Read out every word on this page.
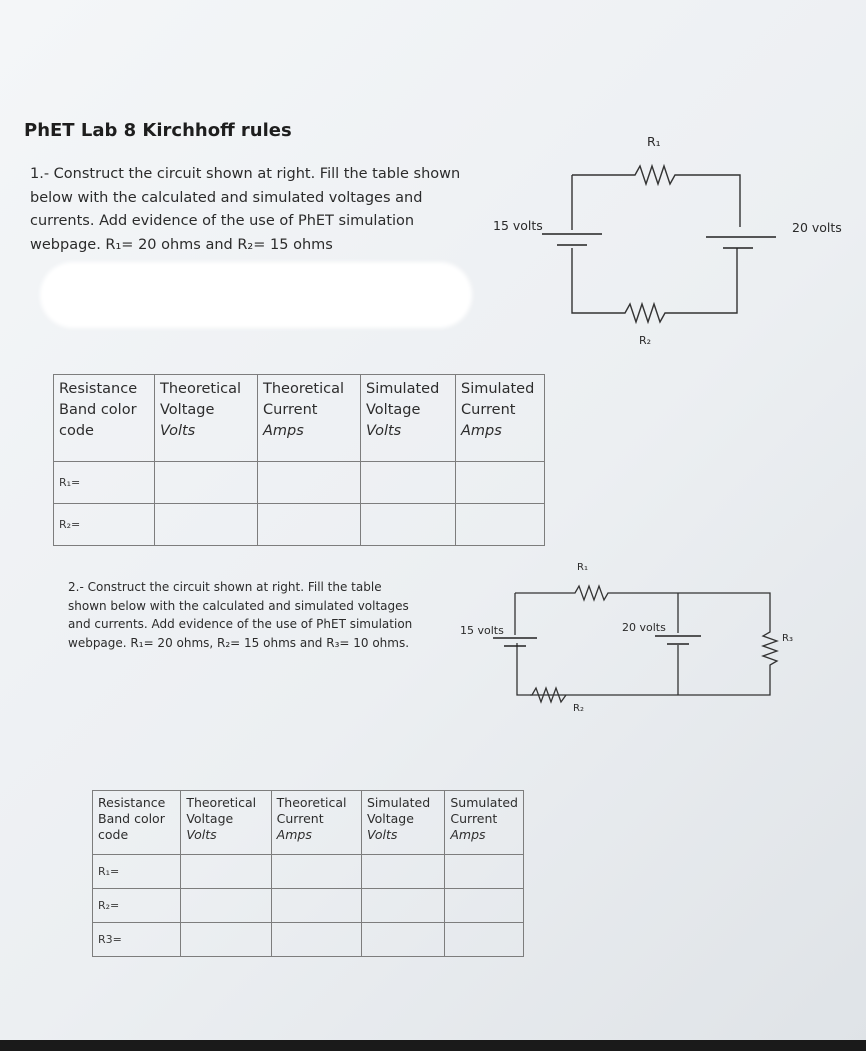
PhET Lab 8 Kirchhoff rules
1.- Construct the circuit shown at right. Fill the table shown
below with the calculated and simulated voltages and
currents. Add evidence of the use of PhET simulation
webpage. R₁= 20 ohms and R₂= 15 ohms
15 volts	20 volts
R₁
R₂
Resistance
Band color
code	Theoretical
Voltage
Volts	Theoretical
Current
Amps	Simulated
Voltage
Volts	Simulated
Current
Amps

R₁=				
R₂=				
2.- Construct the circuit shown at right. Fill the table
shown below with the calculated and simulated voltages
and currents. Add evidence of the use of PhET simulation
webpage. R₁= 20 ohms, R₂= 15 ohms and R₃= 10 ohms.
15 volts	20 volts
R₁
R₂
R₃
Resistance
Band color
code	Theoretical
Voltage
Volts	Theoretical
Current
Amps	Simulated
Voltage
Volts	Sumulated
Current
Amps

R₁=				
R₂=				
R3=				
